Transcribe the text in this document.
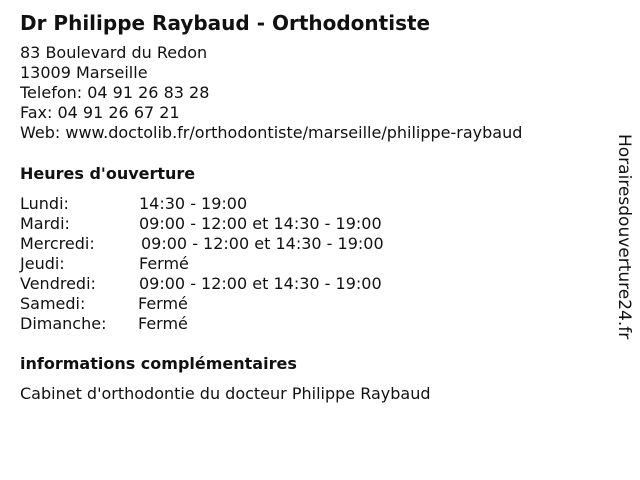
Dr Philippe Raybaud - Orthodontiste
83 Boulevard du Redon
13009 Marseille
Telefon: 04 91 26 83 28
Fax: 04 91 26 67 21
Web: www.doctolib.fr/orthodontiste/marseille/philippe-raybaud
Heures d'ouverture
Lundi:	14:30 - 19:00
Mardi:	09:00 - 12:00 et 14:30 - 19:00
Mercredi:	09:00 - 12:00 et 14:30 - 19:00
Jeudi:	Fermé
Vendredi:	09:00 - 12:00 et 14:30 - 19:00
Samedi:	Fermé
Dimanche:	Fermé
informations complémentaires
Cabinet d'orthodontie du docteur Philippe Raybaud
Horairesdouverture24.fr
